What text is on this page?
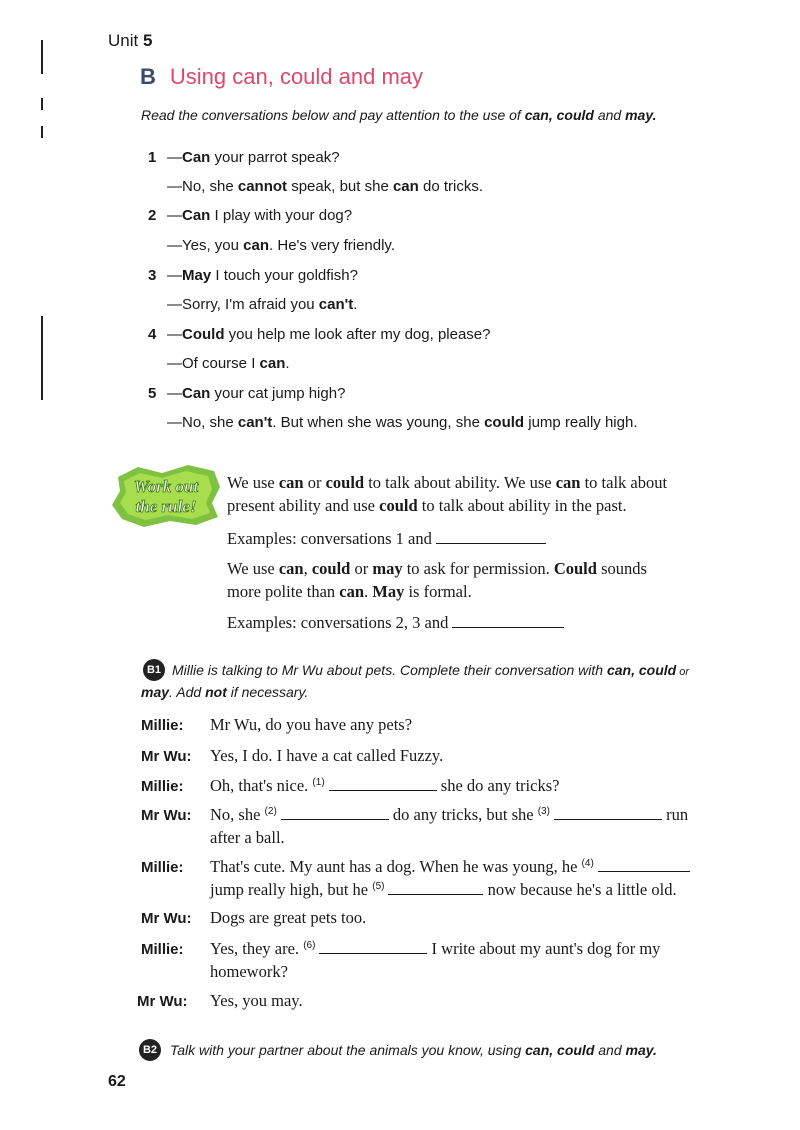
Unit 5
B Using can, could and may
Read the conversations below and pay attention to the use of can, could and may.
1 —Can your parrot speak?
—No, she cannot speak, but she can do tricks.
2 —Can I play with your dog?
—Yes, you can. He's very friendly.
3 —May I touch your goldfish?
—Sorry, I'm afraid you can't.
4 —Could you help me look after my dog, please?
—Of course I can.
5 —Can your cat jump high?
—No, she can't. But when she was young, she could jump really high.
Work out
the rule!
We use can or could to talk about ability. We use can to talk about
present ability and use could to talk about ability in the past.
Examples: conversations 1 and
We use can, could or may to ask for permission. Could sounds
more polite than can. May is formal.
Examples: conversations 2, 3 and
B1 Millie is talking to Mr Wu about pets. Complete their conversation with can, could or
may. Add not if necessary.
Millie: Mr Wu, do you have any pets?
Mr Wu: Yes, I do. I have a cat called Fuzzy.
Millie: Oh, that's nice. $^{(1)}$	she do any tricks?
Mr Wu: No, she $^{(2)}$	do any tricks, but she $^{(3)}$	run
after a ball.
Millie: That's cute. My aunt has a dog. When he was young, he $^{(4)}$
jump really high, but he $^{(5)}$	now because he's a little old.
Mr Wu: Dogs are great pets too.
Millie: Yes, they are. $^{(6)}$	I write about my aunt's dog for my
homework?
Mr Wu: Yes, you may.
B2 Talk with your partner about the animals you know, using can, could and may.
62
